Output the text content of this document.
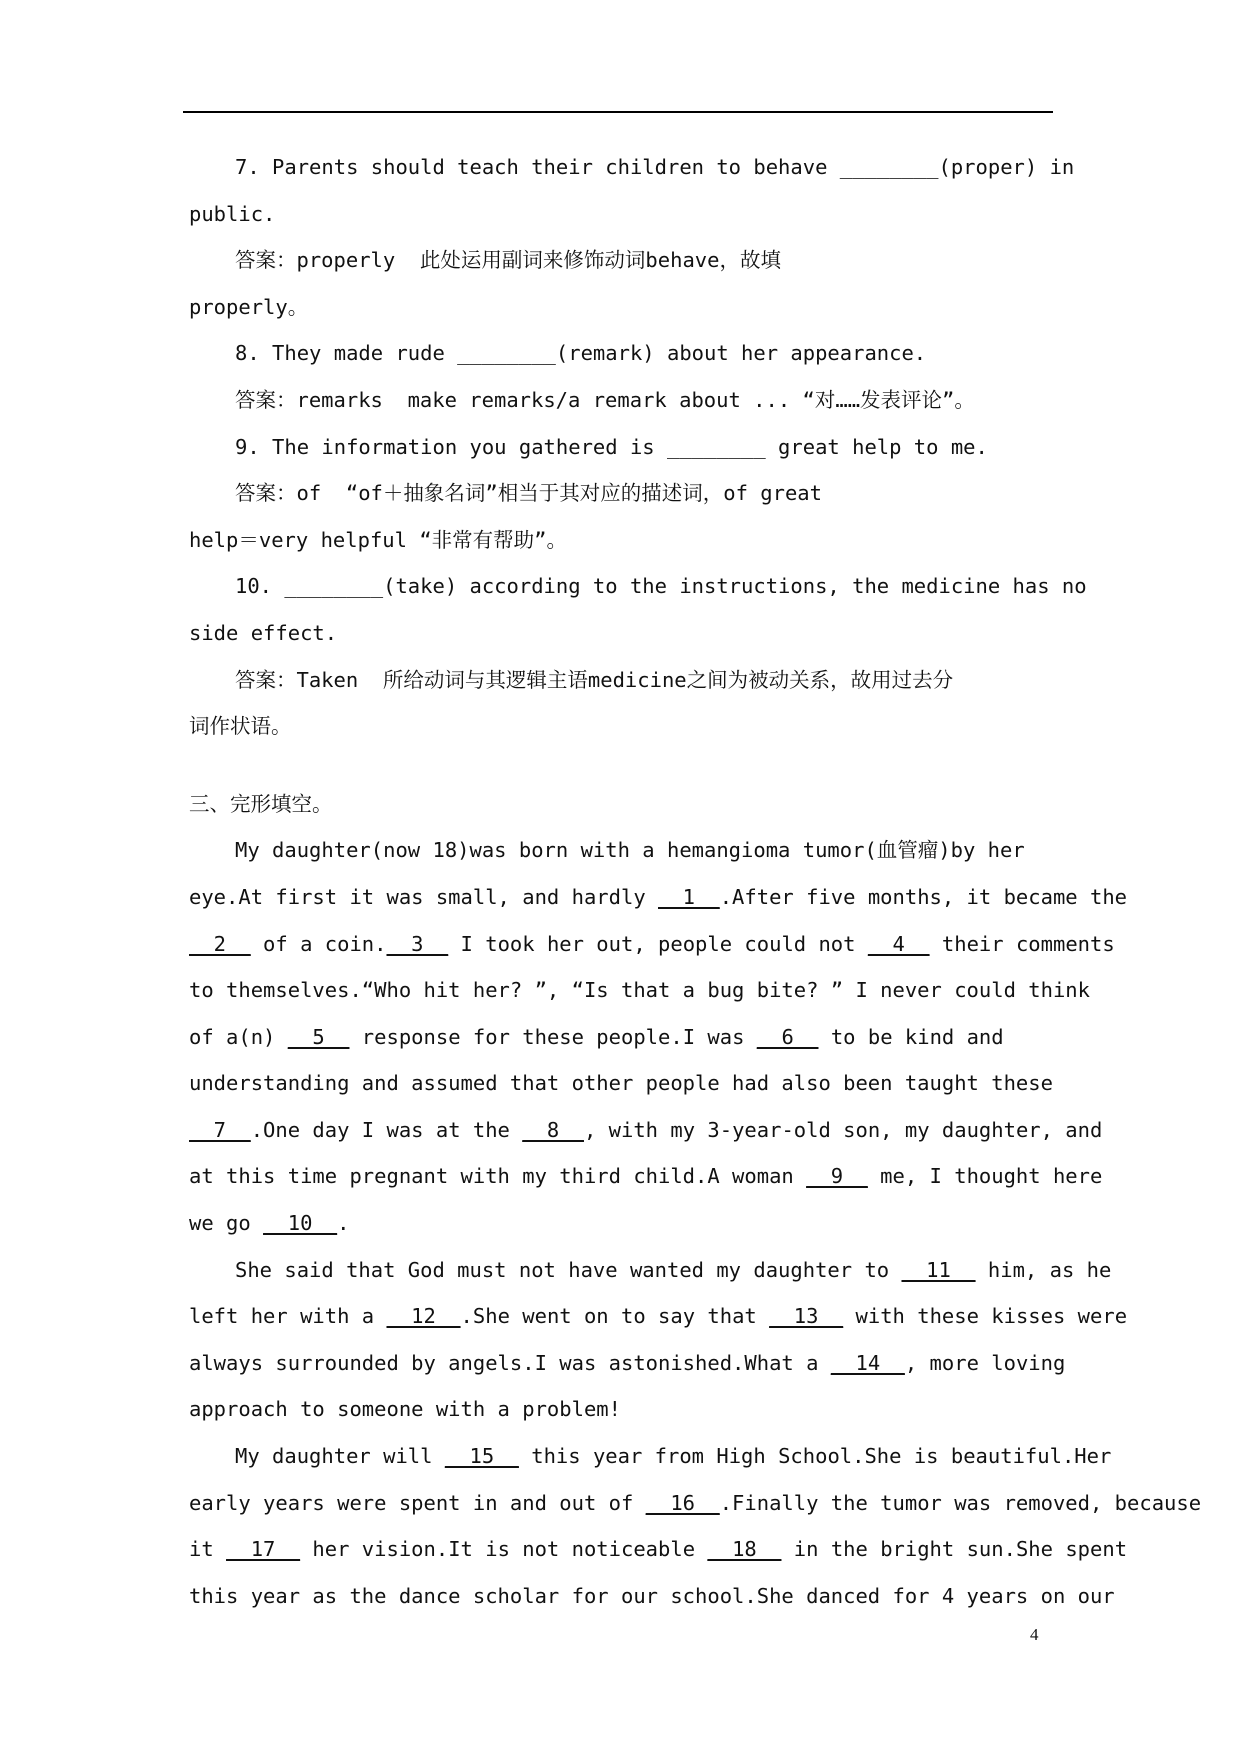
7. Parents should teach their children to behave ________(proper) in

public.

答案：properly  此处运用副词来修饰动词behave，故填

properly。

8. They made rude ________(remark) about her appearance.

答案：remarks  make remarks/a remark about ... “对……发表评论”。

9. The information you gathered is ________ great help to me.

答案：of  “of＋抽象名词”相当于其对应的描述词，of great

help＝very helpful “非常有帮助”。

10. ________(take) according to the instructions, the medicine has no

side effect.

答案：Taken  所给动词与其逻辑主语medicine之间为被动关系，故用过去分

词作状语。

三、完形填空。

My daughter(now 18)was born with a hemangioma tumor(血管瘤)by her

eye.At first it was small, and hardly __1__.After five months, it became the

__2__ of a coin.__3__ I took her out, people could not __4__ their comments

to themselves.“Who hit her? ”, “Is that a bug bite? ” I never could think

of a(n) __5__ response for these people.I was __6__ to be kind and

understanding and assumed that other people had also been taught these

__7__.One day I was at the __8__, with my 3-year-old son, my daughter, and

at this time pregnant with my third child.A woman __9__ me, I thought here

we go __10__.

She said that God must not have wanted my daughter to __11__ him, as he

left her with a __12__.She went on to say that __13__ with these kisses were

always surrounded by angels.I was astonished.What a __14__, more loving

approach to someone with a problem!

My daughter will __15__ this year from High School.She is beautiful.Her

early years were spent in and out of __16__.Finally the tumor was removed, because

it __17__ her vision.It is not noticeable __18__ in the bright sun.She spent

this year as the dance scholar for our school.She danced for 4 years on our

4
